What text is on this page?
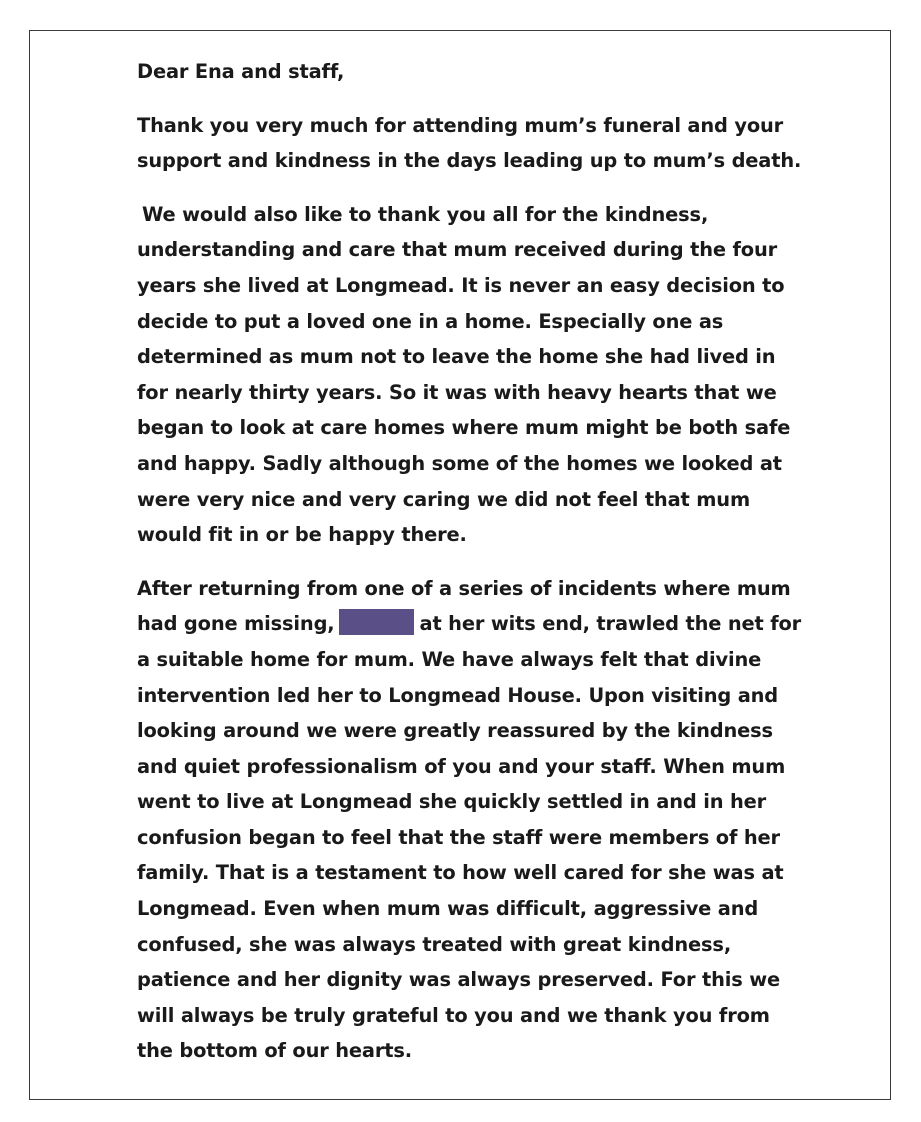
Dear Ena and staff,
Thank you very much for attending mum’s funeral and your
support and kindness in the days leading up to mum’s death.
We would also like to thank you all for the kindness,
understanding and care that mum received during the four
years she lived at Longmead. It is never an easy decision to
decide to put a loved one in a home. Especially one as
determined as mum not to leave the home she had lived in
for nearly thirty years. So it was with heavy hearts that we
began to look at care homes where mum might be both safe
and happy. Sadly although some of the homes we looked at
were very nice and very caring we did not feel that mum
would fit in or be happy there.
After returning from one of a series of incidents where mum
had gone missing,	at her wits end, trawled the net for
a suitable home for mum. We have always felt that divine
intervention led her to Longmead House. Upon visiting and
looking around we were greatly reassured by the kindness
and quiet professionalism of you and your staff. When mum
went to live at Longmead she quickly settled in and in her
confusion began to feel that the staff were members of her
family. That is a testament to how well cared for she was at
Longmead. Even when mum was difficult, aggressive and
confused, she was always treated with great kindness,
patience and her dignity was always preserved. For this we
will always be truly grateful to you and we thank you from
the bottom of our hearts.
